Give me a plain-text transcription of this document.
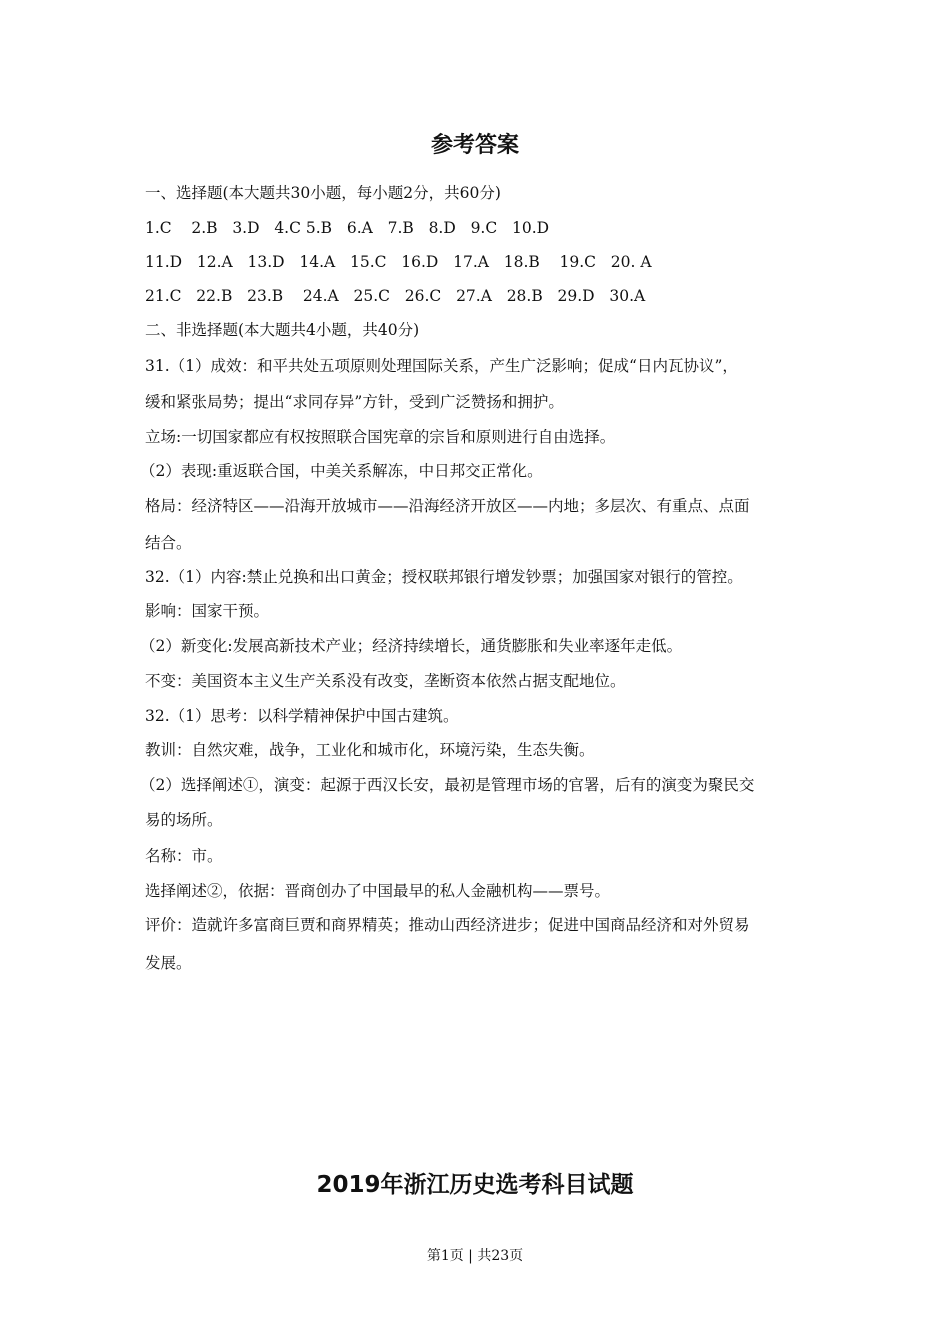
参考答案
一、选择题(本大题共30小题，每小题2分，共60分)
1.C    2.B   3.D   4.C 5.B   6.A   7.B   8.D   9.C   10.D
11.D   12.A   13.D   14.A   15.C   16.D   17.A   18.B    19.C   20. A
21.C   22.B   23.B    24.A   25.C   26.C   27.A   28.B   29.D   30.A
二、非选择题(本大题共4小题，共40分)
31.（1）成效：和平共处五项原则处理国际关系，产生广泛影响；促成“日内瓦协议”，
缓和紧张局势；提出“求同存异”方针，受到广泛赞扬和拥护。
立场:一切国家都应有权按照联合国宪章的宗旨和原则进行自由选择。
（2）表现:重返联合国，中美关系解冻，中日邦交正常化。
格局：经济特区——沿海开放城市——沿海经济开放区——内地；多层次、有重点、点面
结合。
32.（1）内容:禁止兑换和出口黄金；授权联邦银行增发钞票；加强国家对银行的管控。
影响：国家干预。
（2）新变化:发展高新技术产业；经济持续增长，通货膨胀和失业率逐年走低。
不变：美国资本主义生产关系没有改变，垄断资本依然占据支配地位。
32.（1）思考：以科学精神保护中国古建筑。
教训：自然灾难，战争，工业化和城市化，环境污染，生态失衡。
（2）选择阐述①，演变：起源于西汉长安，最初是管理市场的官署，后有的演变为聚民交
易的场所。
名称：市。
选择阐述②，依据：晋商创办了中国最早的私人金融机构——票号。
评价：造就许多富商巨贾和商界精英；推动山西经济进步；促进中国商品经济和对外贸易
发展。
2019年浙江历史选考科目试题
第1页 | 共23页
